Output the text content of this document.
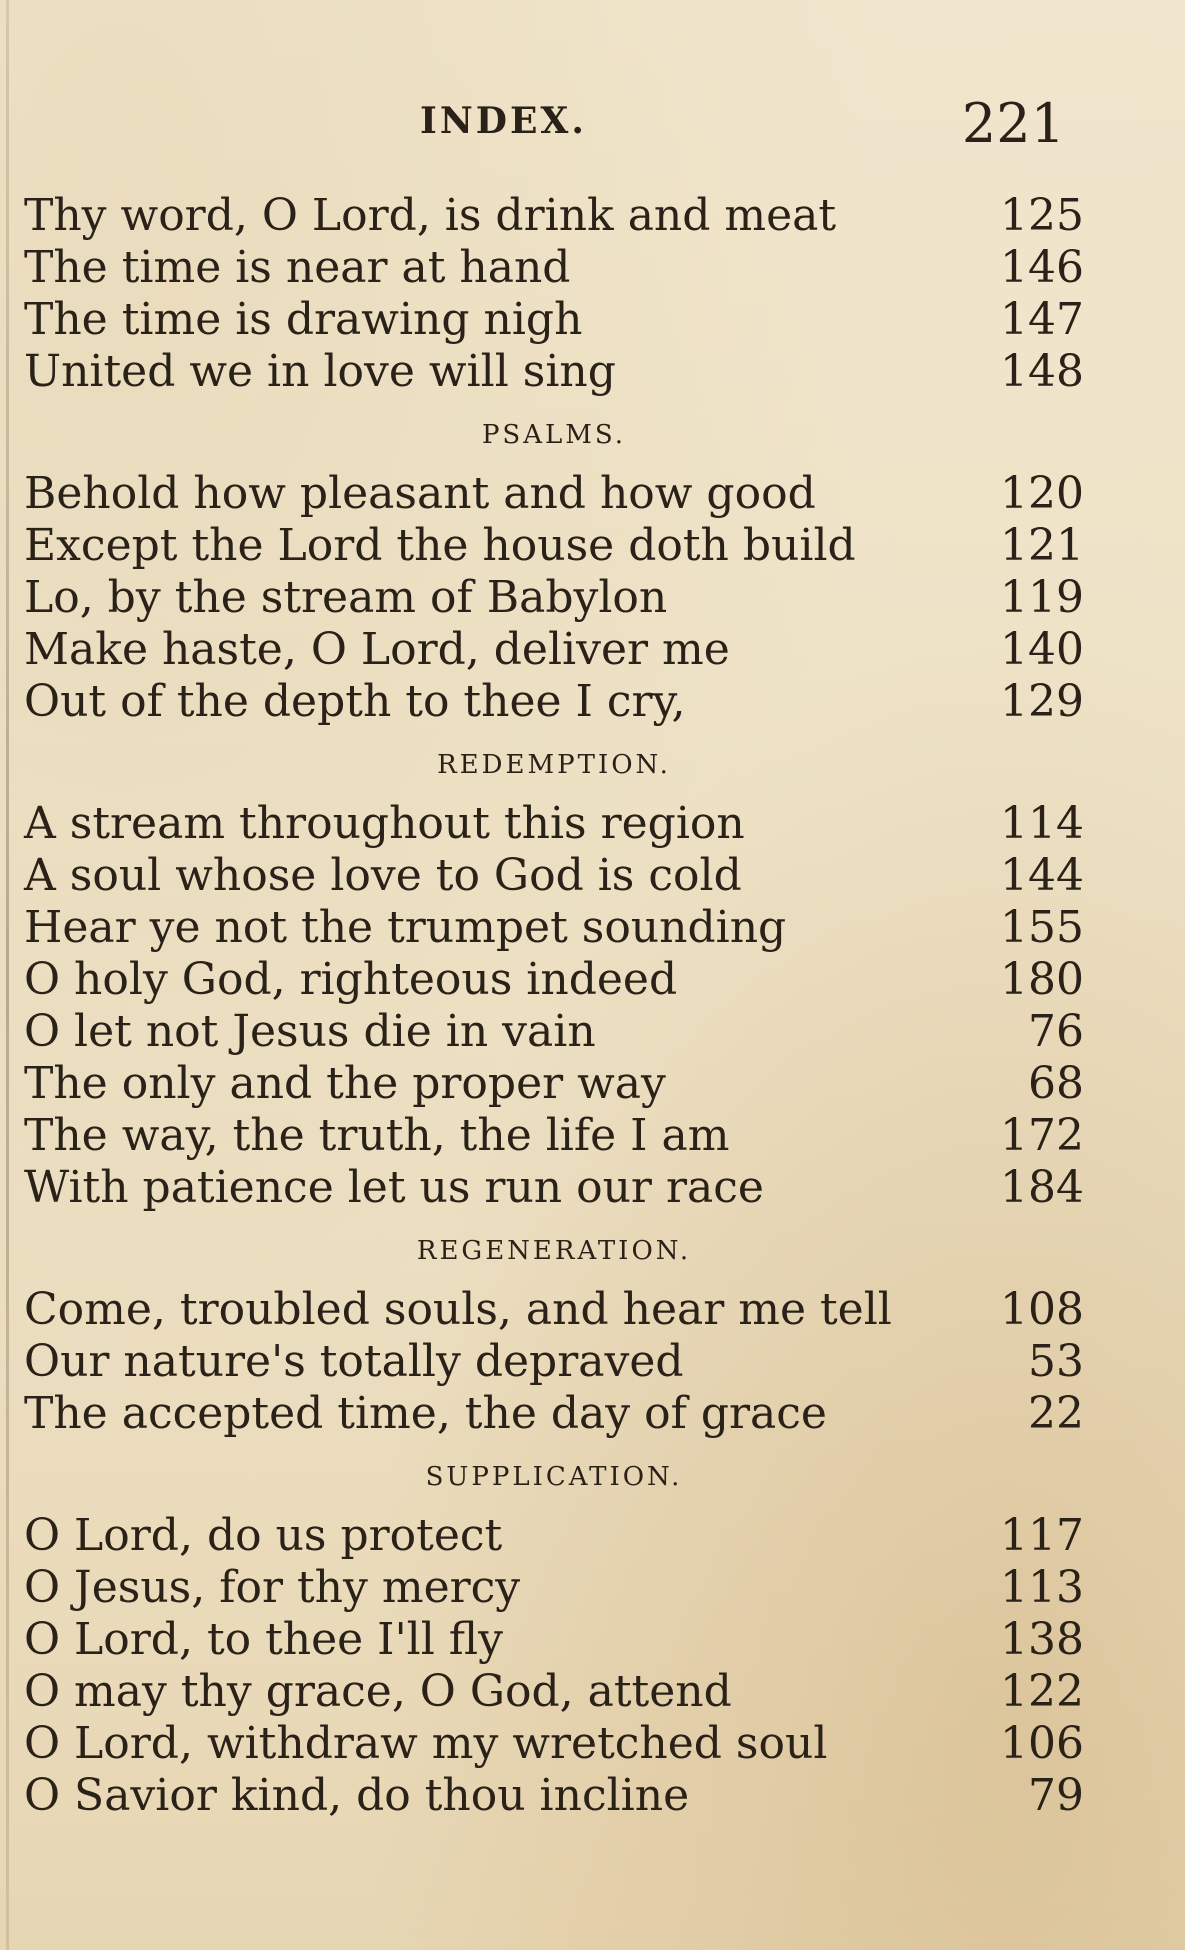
INDEX.	221
Thy word, O Lord, is drink and meat	125
The time is near at hand	146
The time is drawing nigh	147
United we in love will sing	148
PSALMS.
Behold how pleasant and how good	120
Except the Lord the house doth build	121
Lo, by the stream of Babylon	119
Make haste, O Lord, deliver me	140
Out of the depth to thee I cry,	129
REDEMPTION.
A stream throughout this region	114
A soul whose love to God is cold	144
Hear ye not the trumpet sounding	155
O holy God, righteous indeed	180
O let not Jesus die in vain	76
The only and the proper way	68
The way, the truth, the life I am	172
With patience let us run our race	184
REGENERATION.
Come, troubled souls, and hear me tell	108
Our nature's totally depraved	53
The accepted time, the day of grace	22
SUPPLICATION.
O Lord, do us protect	117
O Jesus, for thy mercy	113
O Lord, to thee I'll fly	138
O may thy grace, O God, attend	122
O Lord, withdraw my wretched soul	106
O Savior kind, do thou incline	79
